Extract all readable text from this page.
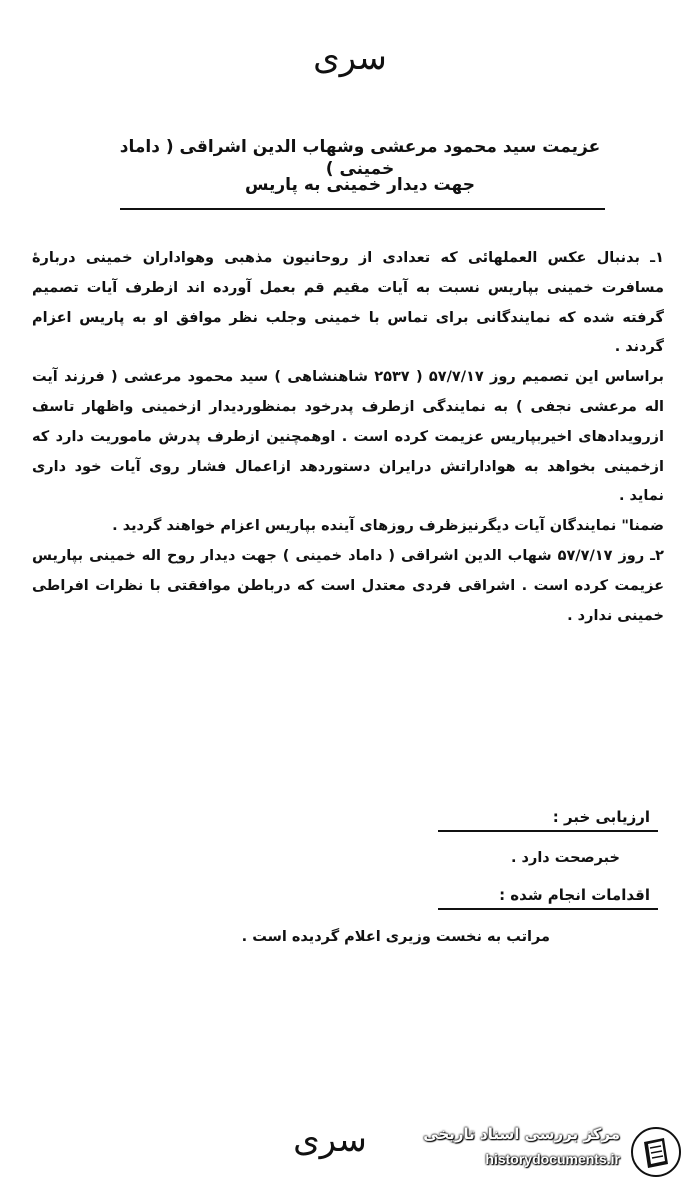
سری
عزیمت سید محمود مرعشی وشهاب الدین اشراقی ( داماد خمینی )
جهت دیدار خمینی به پاریس

۱ـ بدنبال عکس العملهائی که تعدادی از روحانیون مذهبی وهواداران خمینی دربارهٔ مسافرت خمینی بپاریس نسبت به آیات مقیم قم بعمل آورده اند ازطرف آیات تصمیم گرفته شده که نمایندگانی برای تماس با خمینی وجلب نظر موافق او به پاریس اعزام گردند .

براساس این تصمیم روز ۵۷/۷/۱۷ ( ۲۵۳۷ شاهنشاهی ) سید محمود مرعشی ( فرزند آیت اله مرعشی نجفی ) به نمایندگی ازطرف پدرخود بمنظوردیدار ازخمینی واظهار تاسف ازرویدادهای اخیربپاریس عزیمت کرده است . اوهمچنین ازطرف پدرش ماموریت دارد که ازخمینی بخواهد به هواداراتش درایران دستوردهد ازاعمال فشار روی آیات خود داری نماید .

ضمنا" نمایندگان آیات دیگرنیزظرف روزهای آینده بپاریس اعزام خواهند گردید .

۲ـ روز ۵۷/۷/۱۷ شهاب الدین اشراقی ( داماد خمینی ) جهت دیدار روح اله خمینی بپاریس عزیمت کرده است . اشراقی فردی معتدل است که درباطن موافقتی با نظرات افراطی خمینی ندارد .

ارزیابی خبر :
خبرصحت دارد .
اقدامات انجام شده :
مراتب به نخست وزیری اعلام گردیده است .
سری	مرکز بررسی اسناد تاریخی
historydocuments.ir
